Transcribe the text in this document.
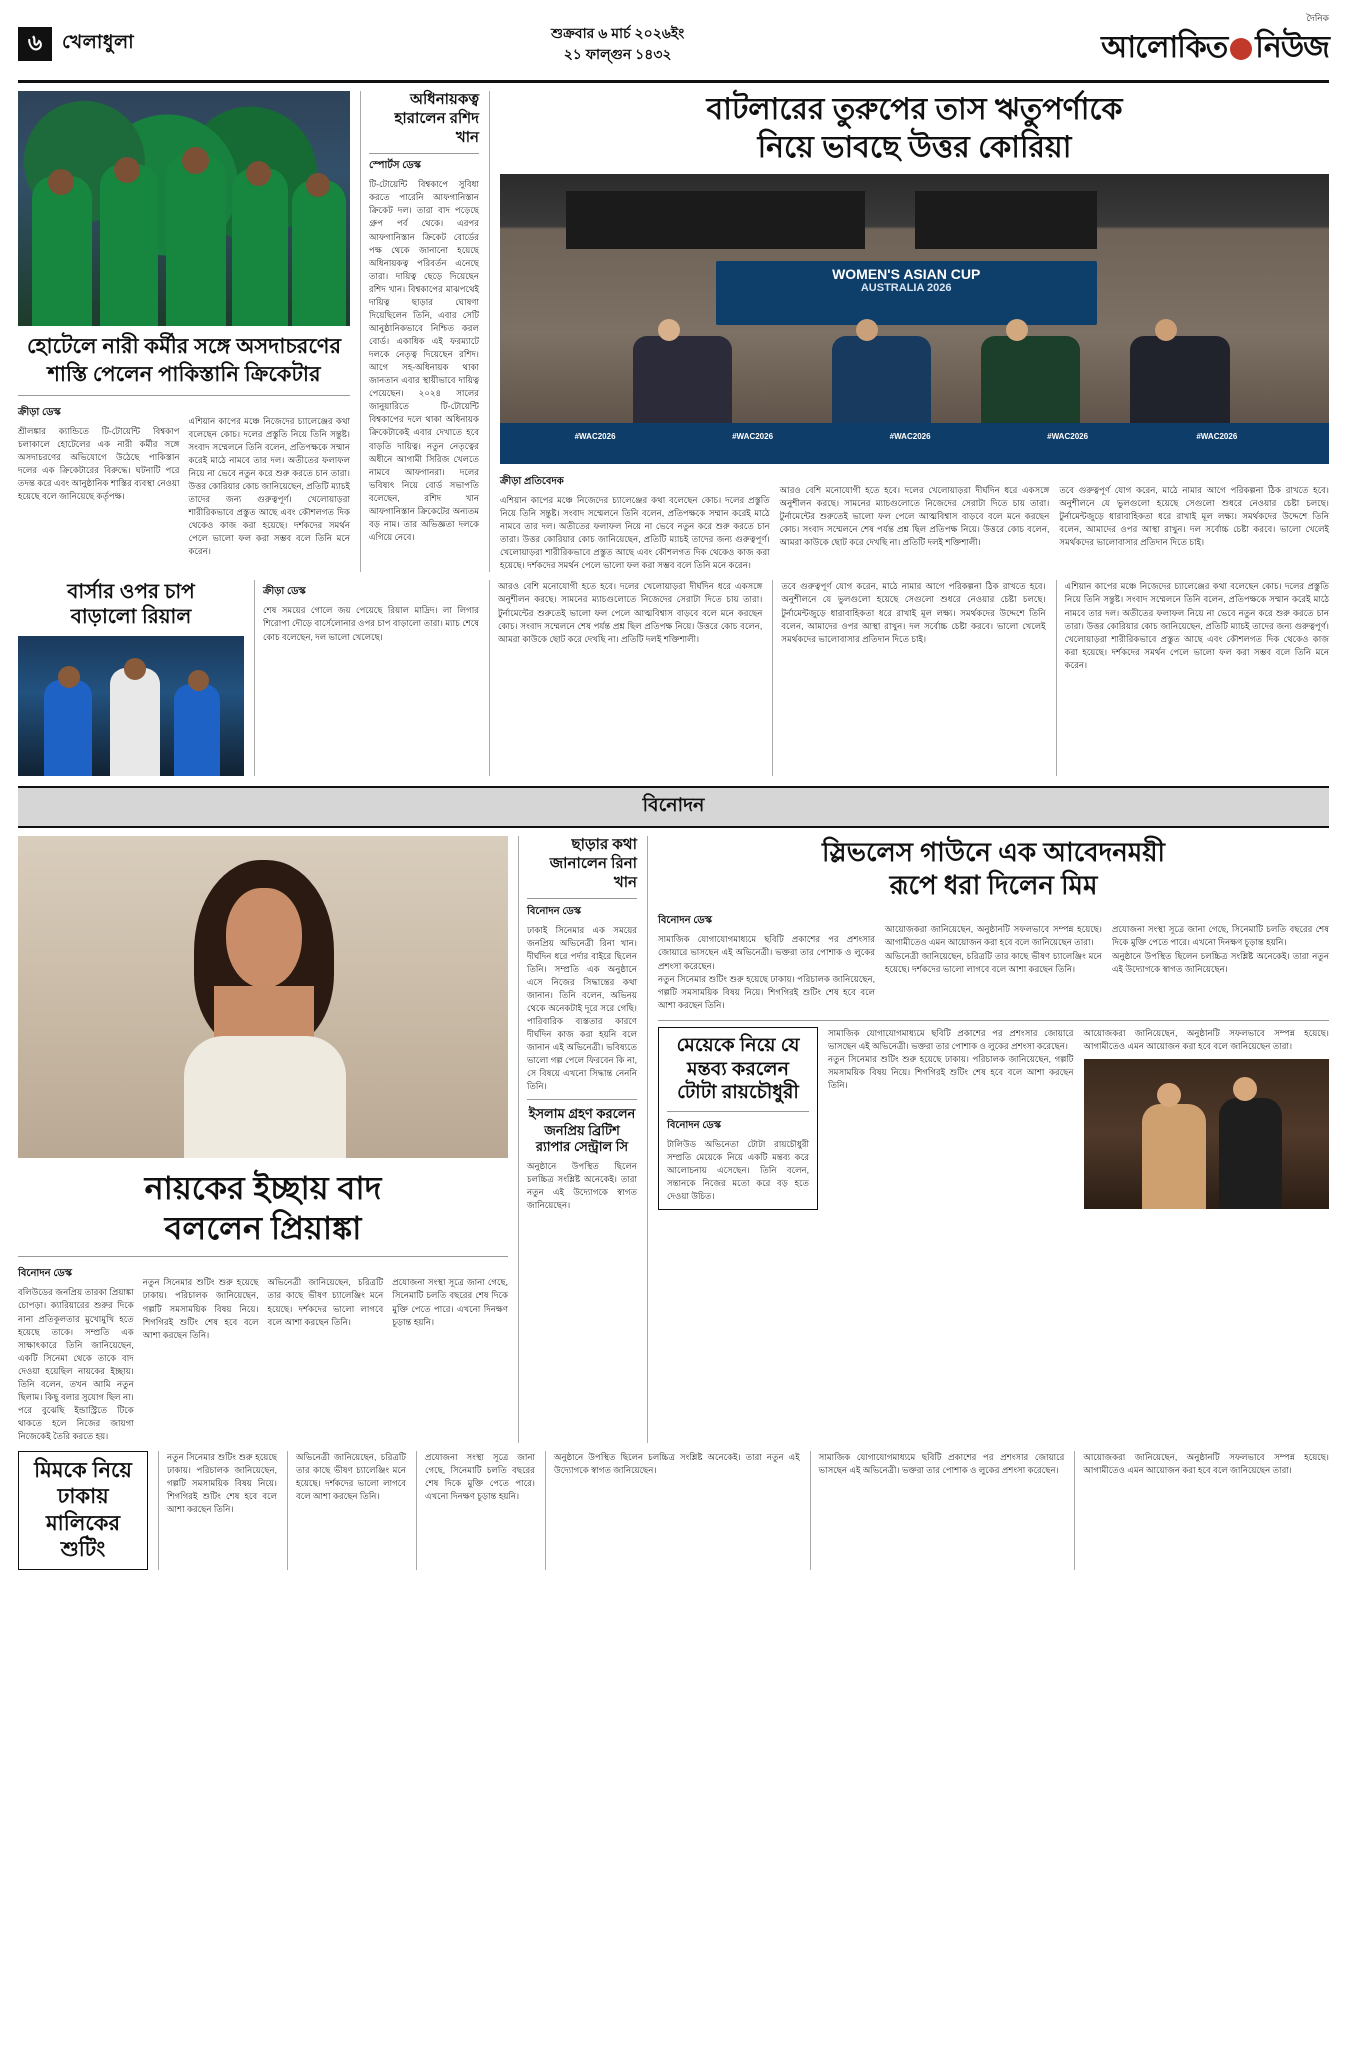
৬	খেলাধুলা	শুক্রবার ৬ মার্চ ২০২৬ইং
২১ ফাল্গুন ১৪৩২
দৈনিক
আলোকিত নিউজ
হোটেলে নারী কর্মীর সঙ্গে অসদাচরণের
শাস্তি পেলেন পাকিস্তানি ক্রিকেটার
ক্রীড়া ডেস্ক
শ্রীলঙ্কার ক্যান্ডিতে টি-টোয়েন্টি বিশ্বকাপ চলাকালে হোটেলের এক নারী কর্মীর সঙ্গে অসদাচরণের অভিযোগে উঠেছে পাকিস্তান দলের এক ক্রিকেটারের বিরুদ্ধে। ঘটনাটি পরে তদন্ত করে এবং আনুষ্ঠানিক শাস্তির ব্যবস্থা নেওয়া হয়েছে বলে জানিয়েছে কর্তৃপক্ষ।
এশিয়ান কাপের মঞ্চে নিজেদের চ্যালেঞ্জের কথা বলেছেন কোচ। দলের প্রস্তুতি নিয়ে তিনি সন্তুষ্ট। সংবাদ সম্মেলনে তিনি বলেন, প্রতিপক্ষকে সম্মান করেই মাঠে নামবে তার দল। অতীতের ফলাফল নিয়ে না ভেবে নতুন করে শুরু করতে চান তারা। উত্তর কোরিয়ার কোচ জানিয়েছেন, প্রতিটি ম্যাচই তাদের জন্য গুরুত্বপূর্ণ। খেলোয়াড়রা শারীরিকভাবে প্রস্তুত আছে এবং কৌশলগত দিক থেকেও কাজ করা হয়েছে। দর্শকদের সমর্থন পেলে ভালো ফল করা সম্ভব বলে তিনি মনে করেন।
অধিনায়কত্ব হারালেন রশিদ খান
স্পোর্টস ডেস্ক
টি-টোয়েন্টি বিশ্বকাপে সুবিধা করতে পারেনি আফগানিস্তান ক্রিকেট দল। তারা বাদ পড়েছে গ্রুপ পর্ব থেকে। এরপর আফগানিস্তান ক্রিকেট বোর্ডের পক্ষ থেকে জানানো হয়েছে অধিনায়কত্ব পরিবর্তন এনেছে তারা। দায়িত্ব ছেড়ে দিয়েছেন রশিদ খান। বিশ্বকাপের মাঝপথেই দায়িত্ব ছাড়ার ঘোষণা দিয়েছিলেন তিনি, এবার সেটি আনুষ্ঠানিকভাবে নিশ্চিত করল বোর্ড। একাধিক এই ফরম্যাটে দলকে নেতৃত্ব দিয়েছেন রশিদ। আগে সহ-অধিনায়ক থাকা জানতান এবার স্থায়ীভাবে দায়িত্ব পেয়েছেন। ২০২৪ সালের জানুয়ারিতে টি-টোয়েন্টি বিশ্বকাপের দলে থাকা অধিনায়ক ক্রিকেটাকেই এবার দেখাতে হবে বাড়তি দায়িত্ব। নতুন নেতৃত্বের অধীনে আগামী সিরিজ খেলতে নামবে আফগানরা। দলের ভবিষ্যৎ নিয়ে বোর্ড সভাপতি বলেছেন, রশিদ খান আফগানিস্তান ক্রিকেটের অন্যতম বড় নাম। তার অভিজ্ঞতা দলকে এগিয়ে নেবে।
বাটলারের তুরুপের তাস ঋতুপর্ণাকে
নিয়ে ভাবছে উত্তর কোরিয়া
WOMEN'S ASIAN CUP
AUSTRALIA 2026
#WAC2026	#WAC2026	#WAC2026	#WAC2026	#WAC2026
ক্রীড়া প্রতিবেদক
এশিয়ান কাপের মঞ্চে নিজেদের চ্যালেঞ্জের কথা বলেছেন কোচ। দলের প্রস্তুতি নিয়ে তিনি সন্তুষ্ট। সংবাদ সম্মেলনে তিনি বলেন, প্রতিপক্ষকে সম্মান করেই মাঠে নামবে তার দল। অতীতের ফলাফল নিয়ে না ভেবে নতুন করে শুরু করতে চান তারা। উত্তর কোরিয়ার কোচ জানিয়েছেন, প্রতিটি ম্যাচই তাদের জন্য গুরুত্বপূর্ণ। খেলোয়াড়রা শারীরিকভাবে প্রস্তুত আছে এবং কৌশলগত দিক থেকেও কাজ করা হয়েছে। দর্শকদের সমর্থন পেলে ভালো ফল করা সম্ভব বলে তিনি মনে করেন।
আরও বেশি মনোযোগী হতে হবে। দলের খেলোয়াড়রা দীর্ঘদিন ধরে একসঙ্গে অনুশীলন করছে। সামনের ম্যাচগুলোতে নিজেদের সেরাটা দিতে চায় তারা। টুর্নামেন্টের শুরুতেই ভালো ফল পেলে আত্মবিশ্বাস বাড়বে বলে মনে করছেন কোচ। সংবাদ সম্মেলনে শেষ পর্যন্ত প্রশ্ন ছিল প্রতিপক্ষ নিয়ে। উত্তরে কোচ বলেন, আমরা কাউকে ছোট করে দেখছি না। প্রতিটি দলই শক্তিশালী।
তবে গুরুত্বপূর্ণ যোগ করেন, মাঠে নামার আগে পরিকল্পনা ঠিক রাখতে হবে। অনুশীলনে যে ভুলগুলো হয়েছে সেগুলো শুধরে নেওয়ার চেষ্টা চলছে। টুর্নামেন্টজুড়ে ধারাবাহিকতা ধরে রাখাই মূল লক্ষ্য। সমর্থকদের উদ্দেশে তিনি বলেন, আমাদের ওপর আস্থা রাখুন। দল সর্বোচ্চ চেষ্টা করবে। ভালো খেলেই সমর্থকদের ভালোবাসার প্রতিদান দিতে চাই।
বার্সার ওপর চাপ
বাড়ালো রিয়াল
ক্রীড়া ডেস্ক
শেষ সময়ের গোলে জয় পেয়েছে রিয়াল মাদ্রিদ। লা লিগার শিরোপা দৌড়ে বার্সেলোনার ওপর চাপ বাড়ালো তারা। ম্যাচ শেষে কোচ বলেছেন, দল ভালো খেলেছে।
আরও বেশি মনোযোগী হতে হবে। দলের খেলোয়াড়রা দীর্ঘদিন ধরে একসঙ্গে অনুশীলন করছে। সামনের ম্যাচগুলোতে নিজেদের সেরাটা দিতে চায় তারা। টুর্নামেন্টের শুরুতেই ভালো ফল পেলে আত্মবিশ্বাস বাড়বে বলে মনে করছেন কোচ। সংবাদ সম্মেলনে শেষ পর্যন্ত প্রশ্ন ছিল প্রতিপক্ষ নিয়ে। উত্তরে কোচ বলেন, আমরা কাউকে ছোট করে দেখছি না। প্রতিটি দলই শক্তিশালী।
তবে গুরুত্বপূর্ণ যোগ করেন, মাঠে নামার আগে পরিকল্পনা ঠিক রাখতে হবে। অনুশীলনে যে ভুলগুলো হয়েছে সেগুলো শুধরে নেওয়ার চেষ্টা চলছে। টুর্নামেন্টজুড়ে ধারাবাহিকতা ধরে রাখাই মূল লক্ষ্য। সমর্থকদের উদ্দেশে তিনি বলেন, আমাদের ওপর আস্থা রাখুন। দল সর্বোচ্চ চেষ্টা করবে। ভালো খেলেই সমর্থকদের ভালোবাসার প্রতিদান দিতে চাই।
এশিয়ান কাপের মঞ্চে নিজেদের চ্যালেঞ্জের কথা বলেছেন কোচ। দলের প্রস্তুতি নিয়ে তিনি সন্তুষ্ট। সংবাদ সম্মেলনে তিনি বলেন, প্রতিপক্ষকে সম্মান করেই মাঠে নামবে তার দল। অতীতের ফলাফল নিয়ে না ভেবে নতুন করে শুরু করতে চান তারা। উত্তর কোরিয়ার কোচ জানিয়েছেন, প্রতিটি ম্যাচই তাদের জন্য গুরুত্বপূর্ণ। খেলোয়াড়রা শারীরিকভাবে প্রস্তুত আছে এবং কৌশলগত দিক থেকেও কাজ করা হয়েছে। দর্শকদের সমর্থন পেলে ভালো ফল করা সম্ভব বলে তিনি মনে করেন।
বিনোদন
নায়কের ইচ্ছায় বাদ
বললেন প্রিয়াঙ্কা
বিনোদন ডেস্ক
বলিউডের জনপ্রিয় তারকা প্রিয়াঙ্কা চোপড়া। ক্যারিয়ারের শুরুর দিকে নানা প্রতিকূলতার মুখোমুখি হতে হয়েছে তাকে। সম্প্রতি এক সাক্ষাৎকারে তিনি জানিয়েছেন, একটি সিনেমা থেকে তাকে বাদ দেওয়া হয়েছিল নায়কের ইচ্ছায়। তিনি বলেন, তখন আমি নতুন ছিলাম। কিছু বলার সুযোগ ছিল না। পরে বুঝেছি ইন্ডাস্ট্রিতে টিকে থাকতে হলে নিজের জায়গা নিজেকেই তৈরি করতে হয়।
নতুন সিনেমার শুটিং শুরু হয়েছে ঢাকায়। পরিচালক জানিয়েছেন, গল্পটি সমসাময়িক বিষয় নিয়ে। শিগগিরই শুটিং শেষ হবে বলে আশা করছেন তিনি।
অভিনেত্রী জানিয়েছেন, চরিত্রটি তার কাছে ভীষণ চ্যালেঞ্জিং মনে হয়েছে। দর্শকদের ভালো লাগবে বলে আশা করছেন তিনি।
প্রযোজনা সংস্থা সূত্রে জানা গেছে, সিনেমাটি চলতি বছরের শেষ দিকে মুক্তি পেতে পারে। এখনো দিনক্ষণ চূড়ান্ত হয়নি।
ছাড়ার কথা জানালেন রিনা খান
বিনোদন ডেস্ক
ঢাকাই সিনেমার এক সময়ের জনপ্রিয় অভিনেত্রী রিনা খান। দীর্ঘদিন ধরে পর্দার বাইরে ছিলেন তিনি। সম্প্রতি এক অনুষ্ঠানে এসে নিজের সিদ্ধান্তের কথা জানান। তিনি বলেন, অভিনয় থেকে অনেকটাই দূরে সরে গেছি। পারিবারিক ব্যস্ততার কারণে দীর্ঘদিন কাজ করা হয়নি বলে জানান এই অভিনেত্রী। ভবিষ্যতে ভালো গল্প পেলে ফিরবেন কি না, সে বিষয়ে এখনো সিদ্ধান্ত নেননি তিনি।
ইসলাম গ্রহণ করলেন
জনপ্রিয় ব্রিটিশ র‍্যাপার সেন্ট্রাল সি
অনুষ্ঠানে উপস্থিত ছিলেন চলচ্চিত্র সংশ্লিষ্ট অনেকেই। তারা নতুন এই উদ্যোগকে স্বাগত জানিয়েছেন।
স্লিভলেস গাউনে এক আবেদনময়ী
রূপে ধরা দিলেন মিম
বিনোদন ডেস্ক
সামাজিক যোগাযোগমাধ্যমে ছবিটি প্রকাশের পর প্রশংসার জোয়ারে ভাসছেন এই অভিনেত্রী। ভক্তরা তার পোশাক ও লুকের প্রশংসা করেছেন।
নতুন সিনেমার শুটিং শুরু হয়েছে ঢাকায়। পরিচালক জানিয়েছেন, গল্পটি সমসাময়িক বিষয় নিয়ে। শিগগিরই শুটিং শেষ হবে বলে আশা করছেন তিনি।
আয়োজকরা জানিয়েছেন, অনুষ্ঠানটি সফলভাবে সম্পন্ন হয়েছে। আগামীতেও এমন আয়োজন করা হবে বলে জানিয়েছেন তারা।
অভিনেত্রী জানিয়েছেন, চরিত্রটি তার কাছে ভীষণ চ্যালেঞ্জিং মনে হয়েছে। দর্শকদের ভালো লাগবে বলে আশা করছেন তিনি।
প্রযোজনা সংস্থা সূত্রে জানা গেছে, সিনেমাটি চলতি বছরের শেষ দিকে মুক্তি পেতে পারে। এখনো দিনক্ষণ চূড়ান্ত হয়নি।
অনুষ্ঠানে উপস্থিত ছিলেন চলচ্চিত্র সংশ্লিষ্ট অনেকেই। তারা নতুন এই উদ্যোগকে স্বাগত জানিয়েছেন।
মেয়েকে নিয়ে যে
মন্তব্য করলেন
টোটা রায়চৌধুরী
বিনোদন ডেস্ক
টালিউড অভিনেতা টোটা রায়চৌধুরী সম্প্রতি মেয়েকে নিয়ে একটি মন্তব্য করে আলোচনায় এসেছেন। তিনি বলেন, সন্তানকে নিজের মতো করে বড় হতে দেওয়া উচিত।
সামাজিক যোগাযোগমাধ্যমে ছবিটি প্রকাশের পর প্রশংসার জোয়ারে ভাসছেন এই অভিনেত্রী। ভক্তরা তার পোশাক ও লুকের প্রশংসা করেছেন।
নতুন সিনেমার শুটিং শুরু হয়েছে ঢাকায়। পরিচালক জানিয়েছেন, গল্পটি সমসাময়িক বিষয় নিয়ে। শিগগিরই শুটিং শেষ হবে বলে আশা করছেন তিনি।
আয়োজকরা জানিয়েছেন, অনুষ্ঠানটি সফলভাবে সম্পন্ন হয়েছে। আগামীতেও এমন আয়োজন করা হবে বলে জানিয়েছেন তারা।
মিমকে নিয়ে
ঢাকায়
মালিকের
শুটিং
নতুন সিনেমার শুটিং শুরু হয়েছে ঢাকায়। পরিচালক জানিয়েছেন, গল্পটি সমসাময়িক বিষয় নিয়ে। শিগগিরই শুটিং শেষ হবে বলে আশা করছেন তিনি।
অভিনেত্রী জানিয়েছেন, চরিত্রটি তার কাছে ভীষণ চ্যালেঞ্জিং মনে হয়েছে। দর্শকদের ভালো লাগবে বলে আশা করছেন তিনি।
প্রযোজনা সংস্থা সূত্রে জানা গেছে, সিনেমাটি চলতি বছরের শেষ দিকে মুক্তি পেতে পারে। এখনো দিনক্ষণ চূড়ান্ত হয়নি।
অনুষ্ঠানে উপস্থিত ছিলেন চলচ্চিত্র সংশ্লিষ্ট অনেকেই। তারা নতুন এই উদ্যোগকে স্বাগত জানিয়েছেন।
সামাজিক যোগাযোগমাধ্যমে ছবিটি প্রকাশের পর প্রশংসার জোয়ারে ভাসছেন এই অভিনেত্রী। ভক্তরা তার পোশাক ও লুকের প্রশংসা করেছেন।
আয়োজকরা জানিয়েছেন, অনুষ্ঠানটি সফলভাবে সম্পন্ন হয়েছে। আগামীতেও এমন আয়োজন করা হবে বলে জানিয়েছেন তারা।
